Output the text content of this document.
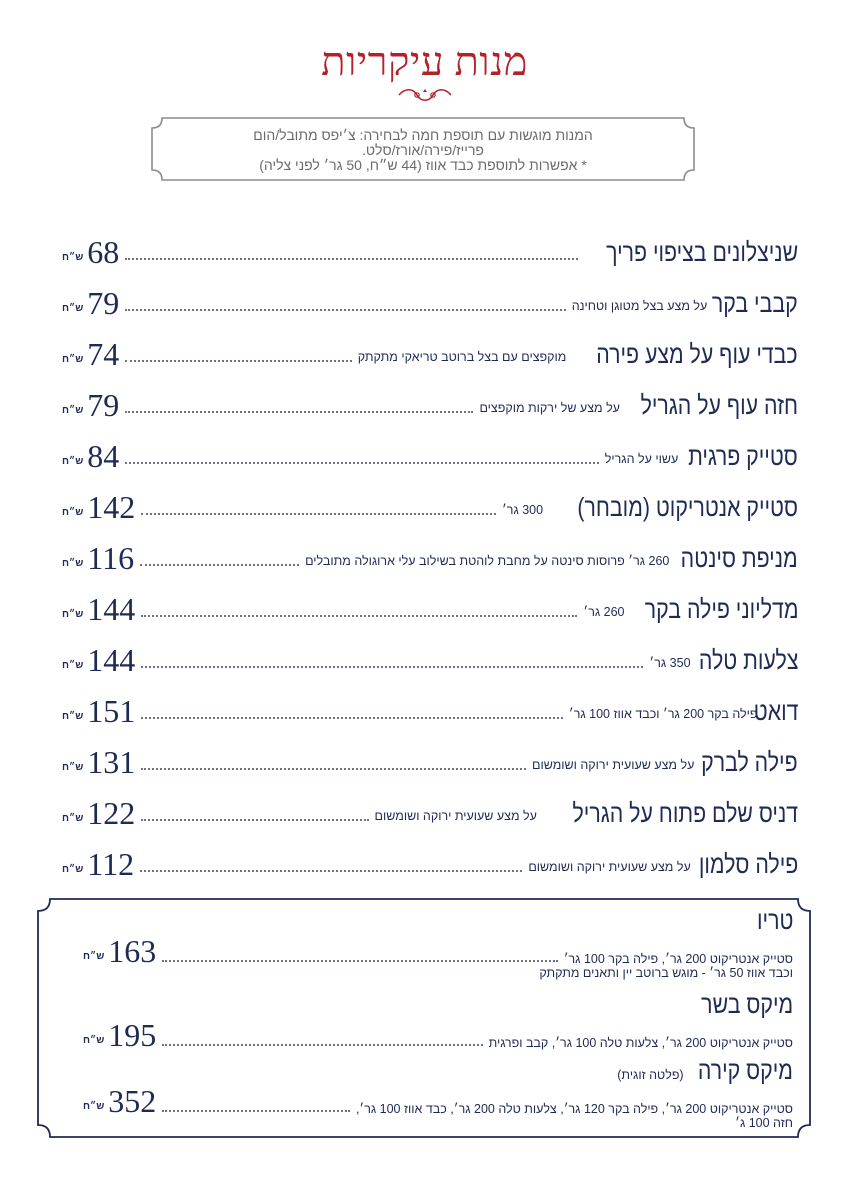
מנות עיקריות
המנות מוגשות עם תוספת חמה לבחירה: צ׳יפס מתובל/הום
פרייז/פירה/אורז/סלט.
* אפשרות לתוספת כבד אווז (44 ש״ח, 50 גר׳ לפני צליה)
שניצלונים בציפוי פריך
68
ש״ח
קבבי בקר
על מצע בצל מטוגן וטחינה
79
ש״ח
כבדי עוף על מצע פירה
מוקפצים עם בצל ברוטב טריאקי מתקתק
74
ש״ח
חזה עוף על הגריל
על מצע של ירקות מוקפצים
79
ש״ח
סטייק פרגית
עשוי על הגריל
84
ש״ח
סטייק אנטריקוט (מובחר)
300 גר׳
142
ש״ח
מניפת סינטה
260 גר׳ פרוסות סינטה על מחבת לוהטת בשילוב עלי ארוגולה מתובלים
116
ש״ח
מדליוני פילה בקר
260 גר׳
144
ש״ח
צלעות טלה
350 גר׳
144
ש״ח
דואט
פילה בקר 200 גר׳ וכבד אווז 100 גר׳
151
ש״ח
פילה לברק
על מצע שעועית ירוקה ושומשום
131
ש״ח
דניס שלם פתוח על הגריל
על מצע שעועית ירוקה ושומשום
122
ש״ח
פילה סלמון
על מצע שעועית ירוקה ושומשום
112
ש״ח
טריו
סטייק אנטריקוט 200 גר׳, פילה בקר 100 גר׳
163
ש״ח
וכבד אווז 50 גר׳ - מוגש ברוטב יין ותאנים מתקתק
מיקס בשר
סטייק אנטריקוט 200 גר׳, צלעות טלה 100 גר׳, קבב ופרגית
195
ש״ח
מיקס קירה (פלטה זוגית)
סטייק אנטריקוט 200 גר׳, פילה בקר 120 גר׳, צלעות טלה 200 גר׳, כבד אווז 100 גר׳,
352
ש״ח
חזה 100 ג׳
